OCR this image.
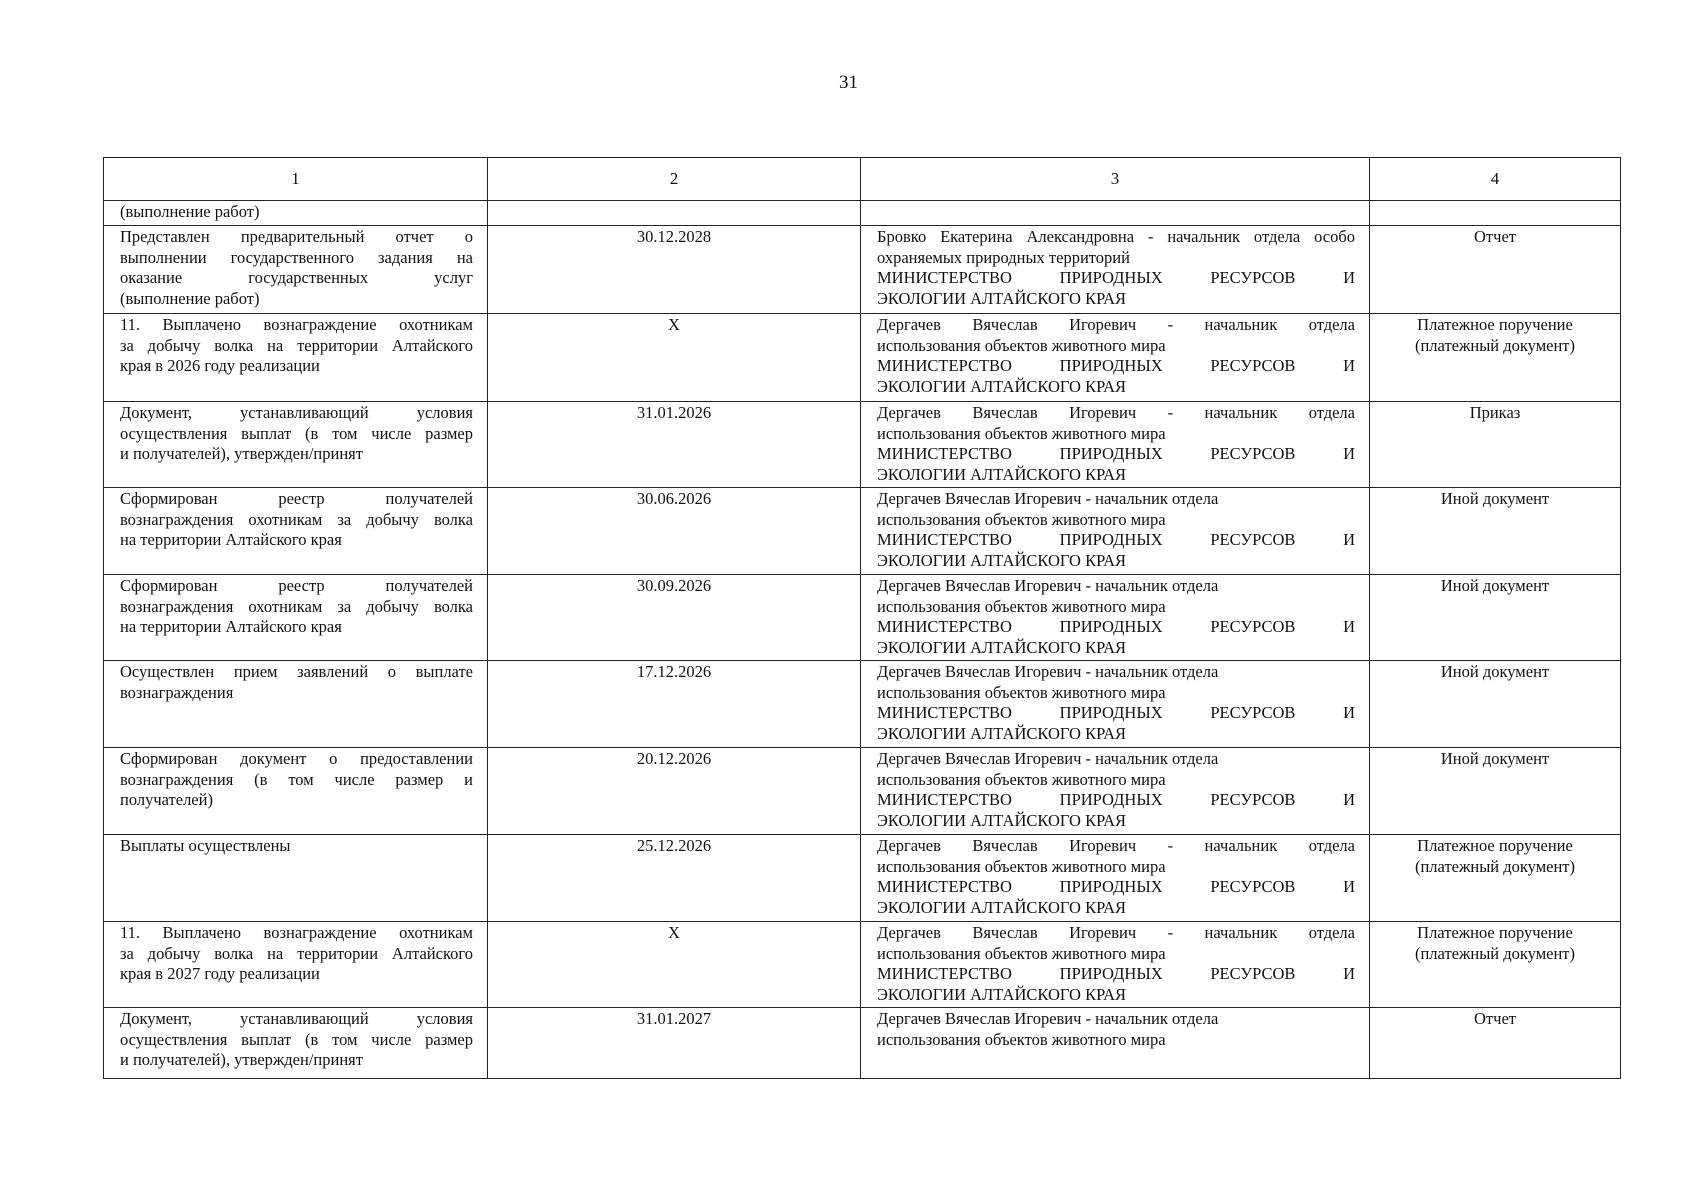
31
1	2	3	4

(выполнение работ)			

Представлен предварительный отчет о
выполнении государственного задания на
оказание государственных услуг
(выполнение работ)	30.12.2028	Бровко Екатерина Александровна - начальник отдела особо
охраняемых природных территорий
МИНИСТЕРСТВО ПРИРОДНЫХ РЕСУРСОВ И
ЭКОЛОГИИ АЛТАЙСКОГО КРАЯ	Отчет

11. Выплачено вознаграждение охотникам
за добычу волка на территории Алтайского
края в 2026 году реализации	X	Дергачев Вячеслав Игоревич - начальник отдела
использования объектов животного мира
МИНИСТЕРСТВО ПРИРОДНЫХ РЕСУРСОВ И
ЭКОЛОГИИ АЛТАЙСКОГО КРАЯ	Платежное поручение
(платежный документ)

Документ, устанавливающий условия
осуществления выплат (в том числе размер
и получателей), утвержден/принят	31.01.2026	Дергачев Вячеслав Игоревич - начальник отдела
использования объектов животного мира
МИНИСТЕРСТВО ПРИРОДНЫХ РЕСУРСОВ И
ЭКОЛОГИИ АЛТАЙСКОГО КРАЯ	Приказ

Сформирован реестр получателей
вознаграждения охотникам за добычу волка
на территории Алтайского края	30.06.2026	Дергачев Вячеслав Игоревич - начальник отдела
использования объектов животного мира
МИНИСТЕРСТВО ПРИРОДНЫХ РЕСУРСОВ И
ЭКОЛОГИИ АЛТАЙСКОГО КРАЯ	Иной документ

Сформирован реестр получателей
вознаграждения охотникам за добычу волка
на территории Алтайского края	30.09.2026	Дергачев Вячеслав Игоревич - начальник отдела
использования объектов животного мира
МИНИСТЕРСТВО ПРИРОДНЫХ РЕСУРСОВ И
ЭКОЛОГИИ АЛТАЙСКОГО КРАЯ	Иной документ

Осуществлен прием заявлений о выплате
вознаграждения	17.12.2026	Дергачев Вячеслав Игоревич - начальник отдела
использования объектов животного мира
МИНИСТЕРСТВО ПРИРОДНЫХ РЕСУРСОВ И
ЭКОЛОГИИ АЛТАЙСКОГО КРАЯ	Иной документ

Сформирован документ о предоставлении
вознаграждения (в том числе размер и
получателей)	20.12.2026	Дергачев Вячеслав Игоревич - начальник отдела
использования объектов животного мира
МИНИСТЕРСТВО ПРИРОДНЫХ РЕСУРСОВ И
ЭКОЛОГИИ АЛТАЙСКОГО КРАЯ	Иной документ

Выплаты осуществлены	25.12.2026	Дергачев Вячеслав Игоревич - начальник отдела
использования объектов животного мира
МИНИСТЕРСТВО ПРИРОДНЫХ РЕСУРСОВ И
ЭКОЛОГИИ АЛТАЙСКОГО КРАЯ	Платежное поручение
(платежный документ)

11. Выплачено вознаграждение охотникам
за добычу волка на территории Алтайского
края в 2027 году реализации	X	Дергачев Вячеслав Игоревич - начальник отдела
использования объектов животного мира
МИНИСТЕРСТВО ПРИРОДНЫХ РЕСУРСОВ И
ЭКОЛОГИИ АЛТАЙСКОГО КРАЯ	Платежное поручение
(платежный документ)

Документ, устанавливающий условия
осуществления выплат (в том числе размер
и получателей), утвержден/принят	31.01.2027	Дергачев Вячеслав Игоревич - начальник отдела
использования объектов животного мира	Отчет
